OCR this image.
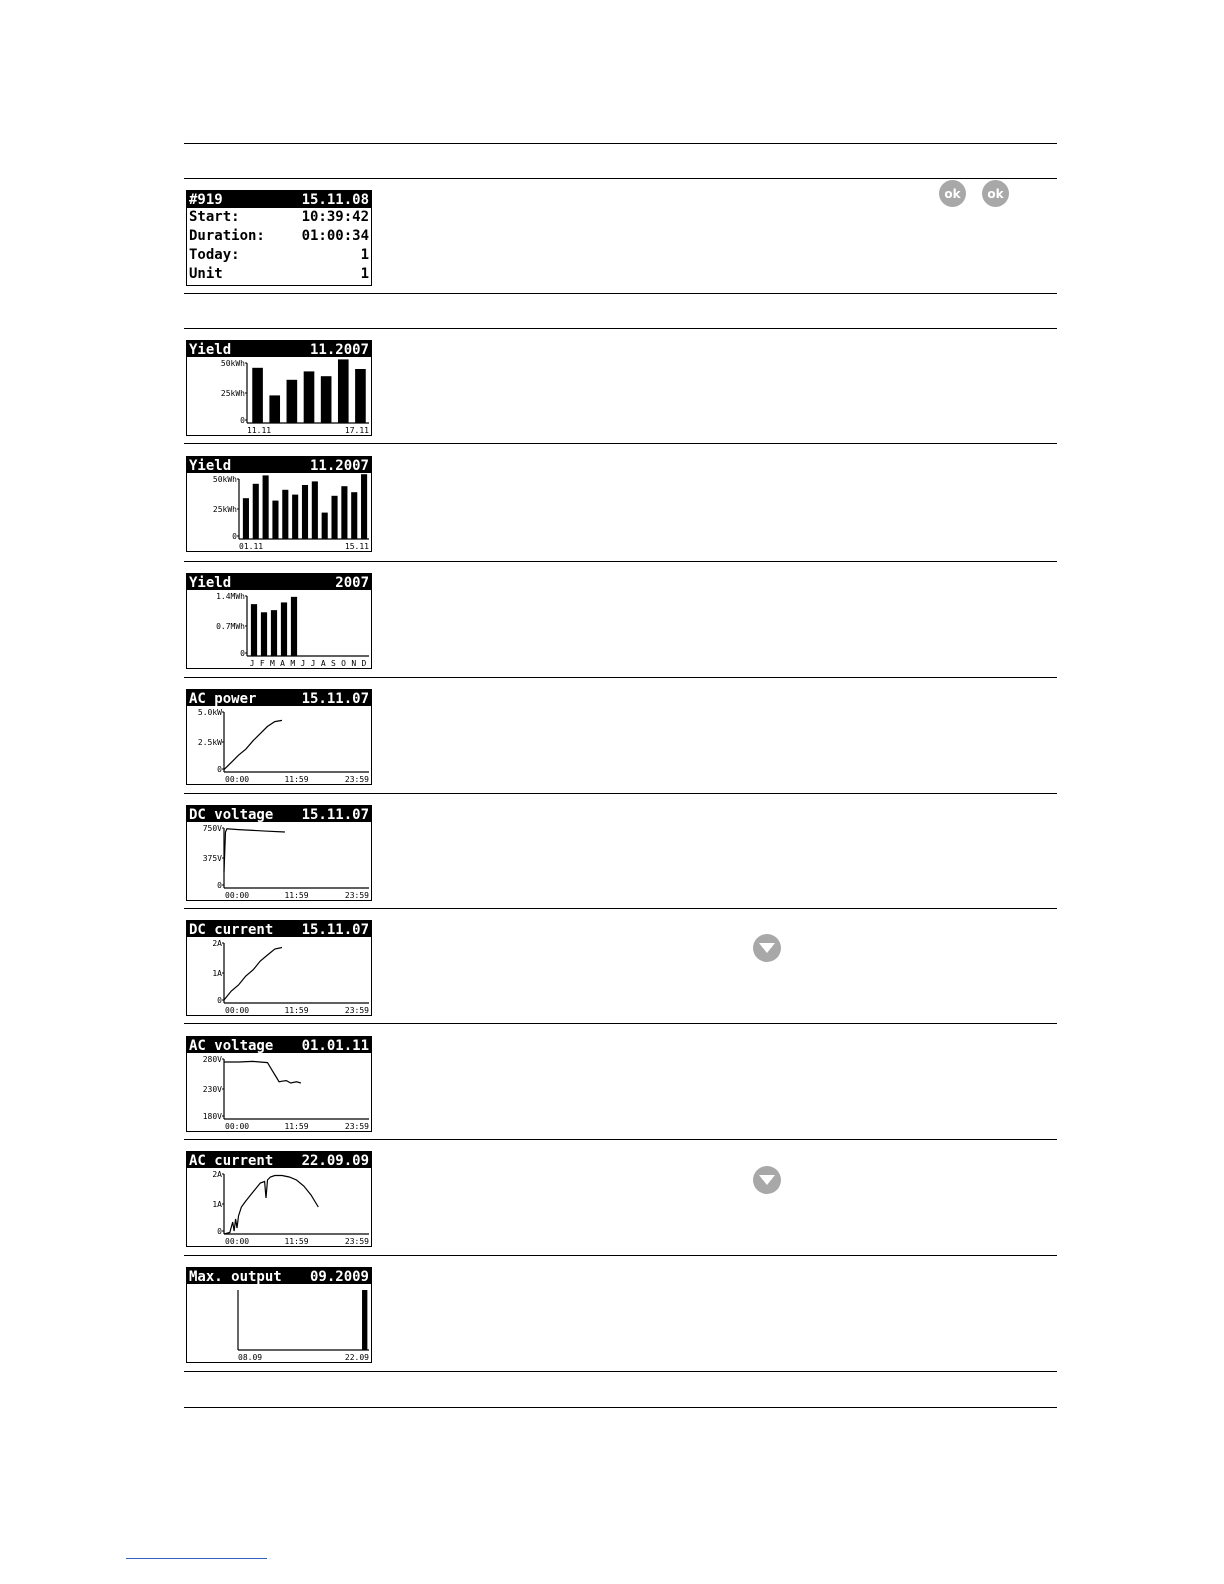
ok	ok
#919	15.11.08
Start:	10:39:42
Duration:	01:00:34
Today:	1
Unit	1
Yield	11.2007
50kWh
25kWh
0
11.11	17.11
Yield	11.2007
50kWh
25kWh
0
01.11	15.11
Yield	2007
1.4MWh
0.7MWh
0
J F M A M J J A S O N D
AC power	15.11.07
5.0kW
2.5kW
0
00:00	11:59	23:59
DC voltage 15.11.07
750V
375V
0
00:00	11:59	23:59
DC current 15.11.07
2A
1A
0
00:00	11:59	23:59
AC voltage 01.01.11
280V
230V
180V
00:00	11:59	23:59
AC current 22.09.09
2A
1A
0
00:00	11:59	23:59
Max. output 09.2009
08.09	22.09
